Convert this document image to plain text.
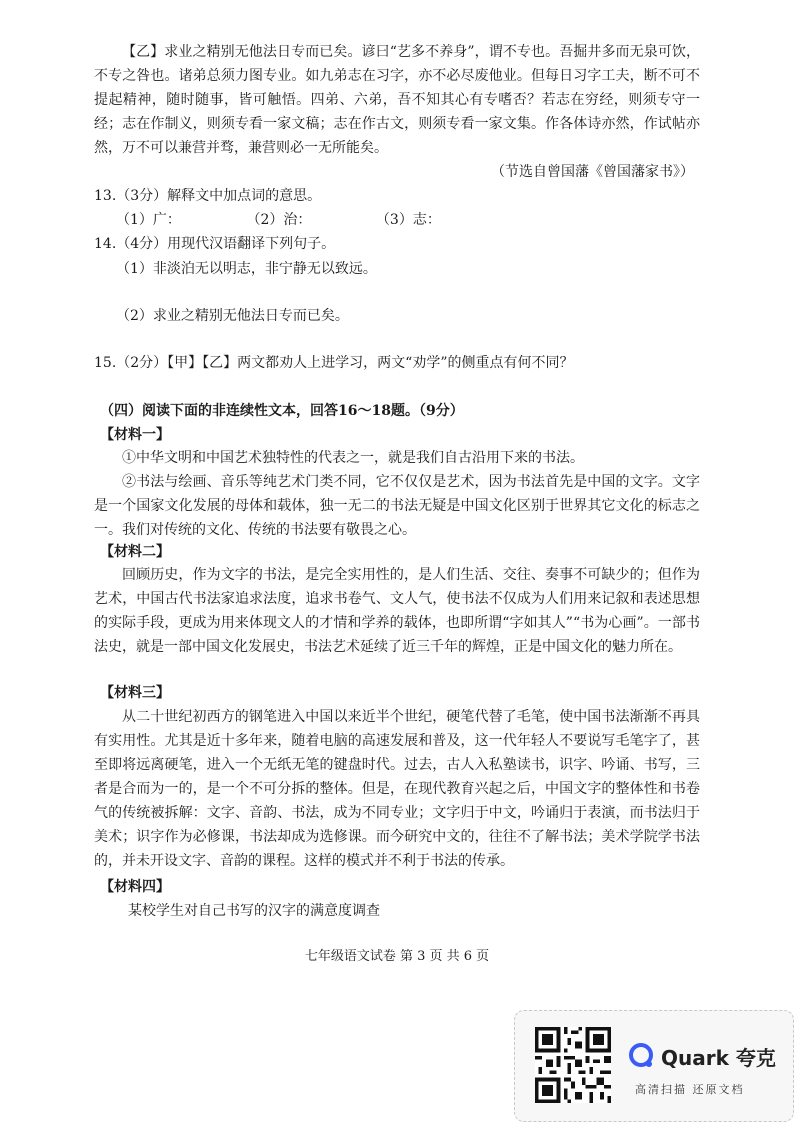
【乙】求业之精别无他法日专而已矣。谚曰“艺多不养身”，谓不专也。吾掘井多而无泉可饮，不专之咎也。诸弟总须力图专业。如九弟志在习字，亦不必尽废他业。但每日习字工夫，断不可不提起精神，随时随事，皆可触悟。四弟、六弟，吾不知其心有专嗜否？若志在穷经，则须专守一经；志在作制义，则须专看一家文稿；志在作古文，则须专看一家文集。作各体诗亦然，作试帖亦然，万不可以兼营并骛，兼营则必一无所能矣。

（节选自曾国藩《曾国藩家书》）
13.（3分）解释文中加点词的意思。
（1）广：	（2）治：	（3）志：
14.（4分）用现代汉语翻译下列句子。
（1）非淡泊无以明志，非宁静无以致远。
（2）求业之精别无他法日专而已矣。
15.（2分）【甲】【乙】两文都劝人上进学习，两文“劝学”的侧重点有何不同？
（四）阅读下面的非连续性文本，回答16～18题。（9分）
【材料一】

①中华文明和中国艺术独特性的代表之一，就是我们自古沿用下来的书法。

②书法与绘画、音乐等纯艺术门类不同，它不仅仅是艺术，因为书法首先是中国的文字。文字是一个国家文化发展的母体和载体，独一无二的书法无疑是中国文化区别于世界其它文化的标志之一。我们对传统的文化、传统的书法要有敬畏之心。

【材料二】

回顾历史，作为文字的书法，是完全实用性的，是人们生活、交往、奏事不可缺少的；但作为艺术，中国古代书法家追求法度，追求书卷气、文人气，使书法不仅成为人们用来记叙和表述思想的实际手段，更成为用来体现文人的才情和学养的载体，也即所谓“字如其人”“书为心画”。一部书法史，就是一部中国文化发展史，书法艺术延续了近三千年的辉煌，正是中国文化的魅力所在。

【材料三】

从二十世纪初西方的钢笔进入中国以来近半个世纪，硬笔代替了毛笔，使中国书法渐渐不再具有实用性。尤其是近十多年来，随着电脑的高速发展和普及，这一代年轻人不要说写毛笔字了，甚至即将远离硬笔，进入一个无纸无笔的键盘时代。过去，古人入私塾读书，识字、吟诵、书写，三者是合而为一的，是一个不可分拆的整体。但是，在现代教育兴起之后，中国文字的整体性和书卷气的传统被拆解：文字、音韵、书法，成为不同专业；文字归于中文，吟诵归于表演，而书法归于美术；识字作为必修课，书法却成为选修课。而今研究中文的，往往不了解书法；美术学院学书法的，并未开设文字、音韵的课程。这样的模式并不利于书法的传承。

【材料四】
某校学生对自己书写的汉字的满意度调查
七年级语文试卷 第 3 页 共 6 页
Quark 夸克
高清扫描 还原文档
